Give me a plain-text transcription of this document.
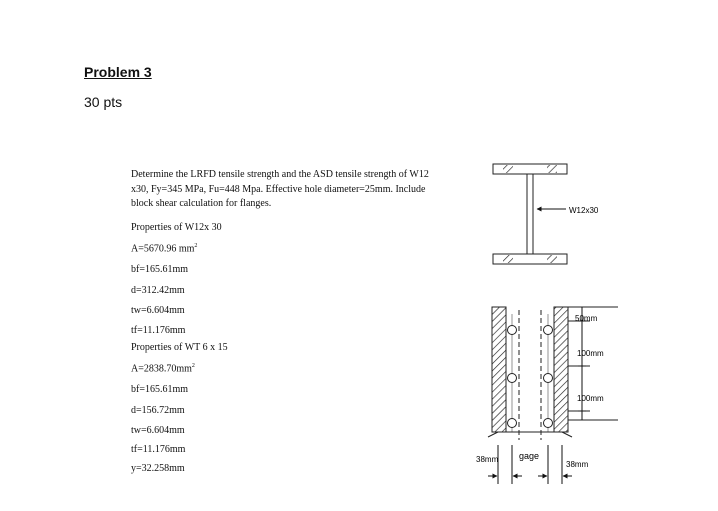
Problem 3
30 pts
Determine the LRFD tensile strength and the ASD tensile strength of W12 x30, Fy=345 MPa, Fu=448 Mpa. Effective hole diameter=25mm. Include block shear calculation for flanges.
Properties of W12x 30
A=5670.96 $mm^2$
bf=165.61mm
d=312.42mm
tw=6.604mm
tf=11.176mm
Properties of WT 6 x 15
$A=2838.70mm^2$
bf=165.61mm
d=156.72mm
tw=6.604mm
tf=11.176mm
y=32.258mm
W12x30
50mm
100mm
100mm
38mm gage
38mm
